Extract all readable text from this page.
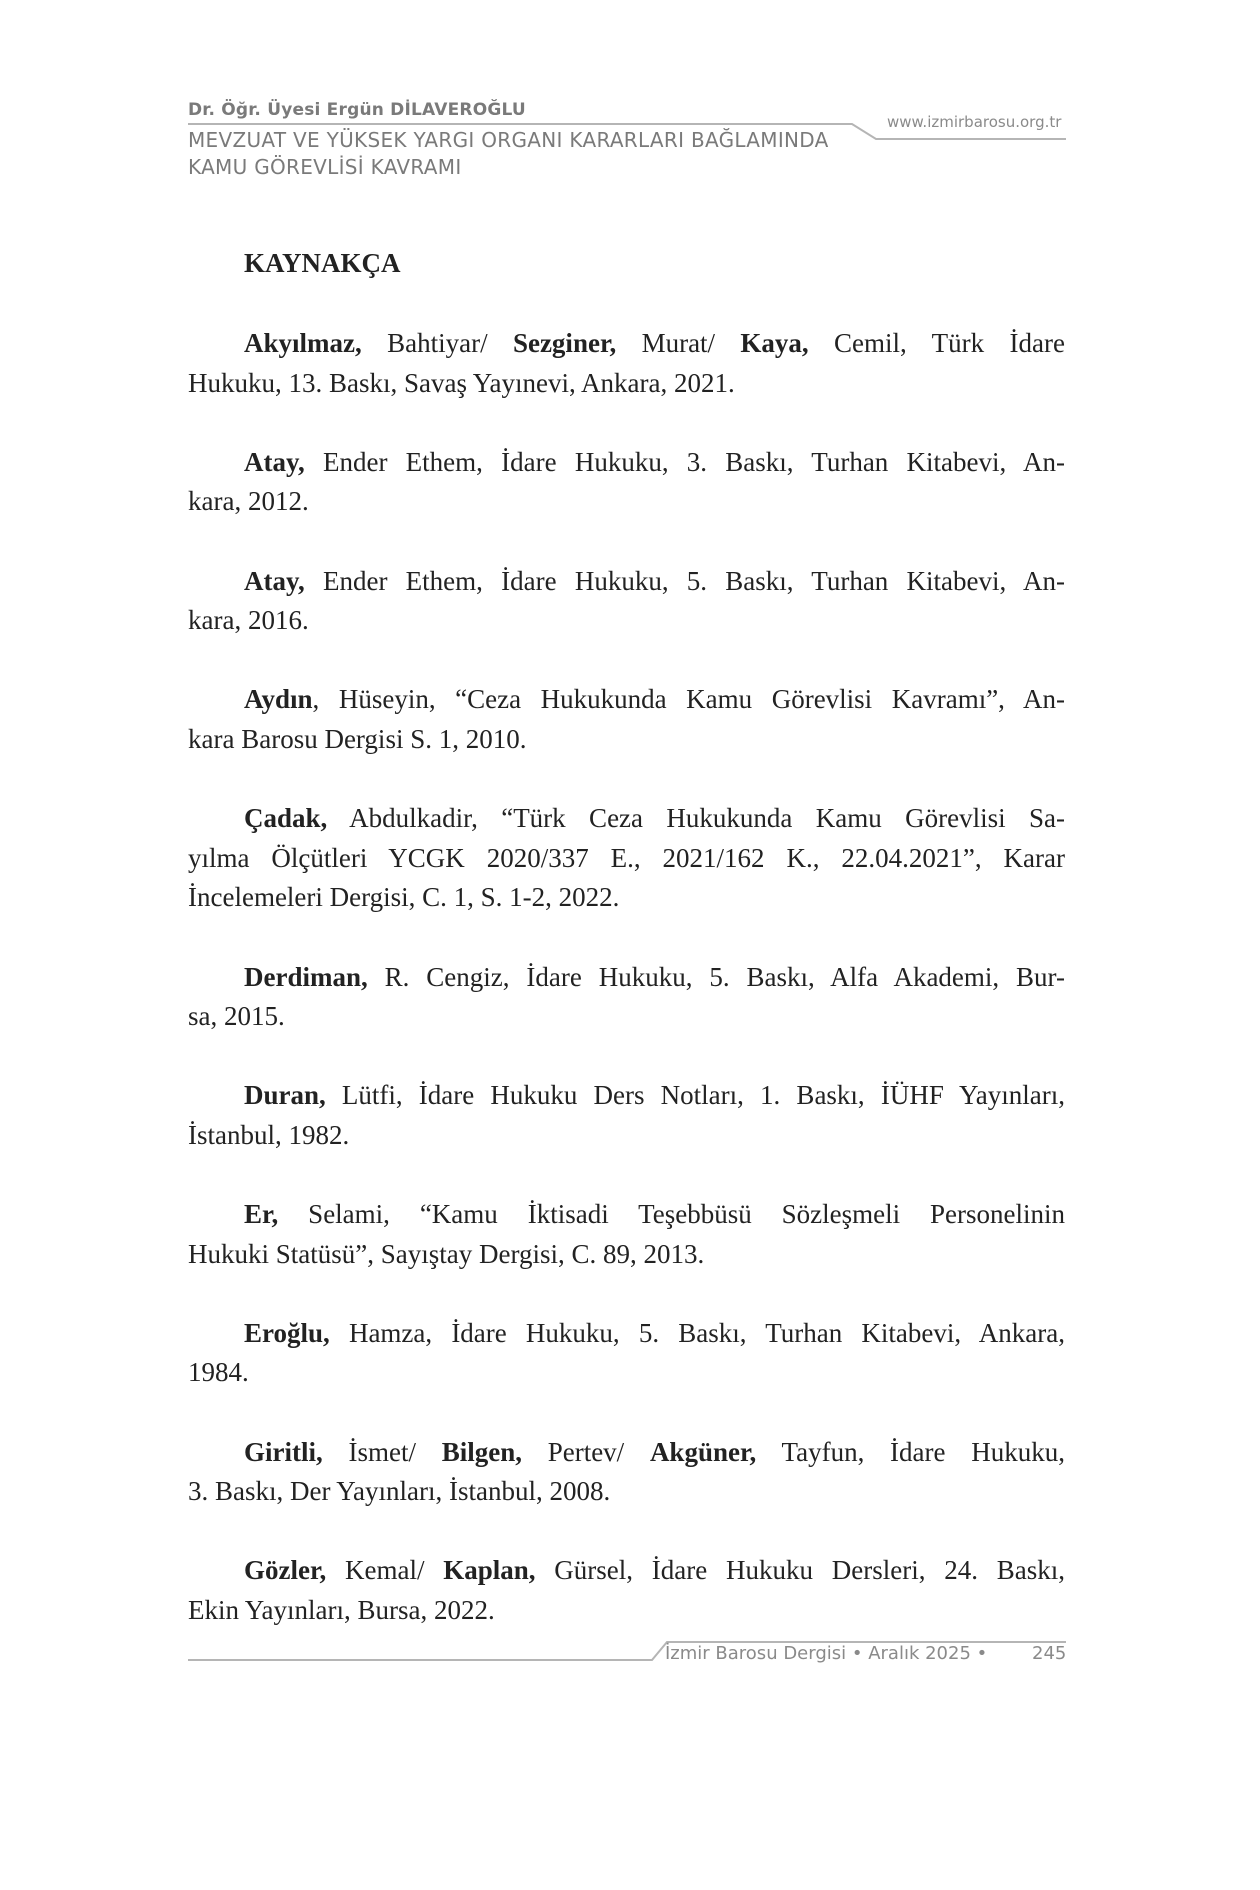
Dr. Öğr. Üyesi Ergün DİLAVEROĞLU
MEVZUAT VE YÜKSEK YARGI ORGANI KARARLARI BAĞLAMINDA
KAMU GÖREVLİSİ KAVRAMI
www.izmirbarosu.org.tr
KAYNAKÇA
Akyılmaz, Bahtiyar/ Sezginer, Murat/ Kaya, Cemil, Türk İdare
Hukuku, 13. Baskı, Savaş Yayınevi, Ankara, 2021.
Atay, Ender Ethem, İdare Hukuku, 3. Baskı, Turhan Kitabevi, An-
kara, 2012.
Atay, Ender Ethem, İdare Hukuku, 5. Baskı, Turhan Kitabevi, An-
kara, 2016.
Aydın, Hüseyin, “Ceza Hukukunda Kamu Görevlisi Kavramı”, An-
kara Barosu Dergisi S. 1, 2010.
Çadak, Abdulkadir, “Türk Ceza Hukukunda Kamu Görevlisi Sa-
yılma Ölçütleri YCGK 2020/337 E., 2021/162 K., 22.04.2021”, Karar
İncelemeleri Dergisi, C. 1, S. 1-2, 2022.
Derdiman, R. Cengiz, İdare Hukuku, 5. Baskı, Alfa Akademi, Bur-
sa, 2015.
Duran, Lütfi, İdare Hukuku Ders Notları, 1. Baskı, İÜHF Yayınları,
İstanbul, 1982.
Er, Selami, “Kamu İktisadi Teşebbüsü Sözleşmeli Personelinin
Hukuki Statüsü”, Sayıştay Dergisi, C. 89, 2013.
Eroğlu, Hamza, İdare Hukuku, 5. Baskı, Turhan Kitabevi, Ankara,
1984.
Giritli, İsmet/ Bilgen, Pertev/ Akgüner, Tayfun, İdare Hukuku,
3. Baskı, Der Yayınları, İstanbul, 2008.
Gözler, Kemal/ Kaplan, Gürsel, İdare Hukuku Dersleri, 24. Baskı,
Ekin Yayınları, Bursa, 2022.
İzmir Barosu Dergisi • Aralık 2025 • 245
